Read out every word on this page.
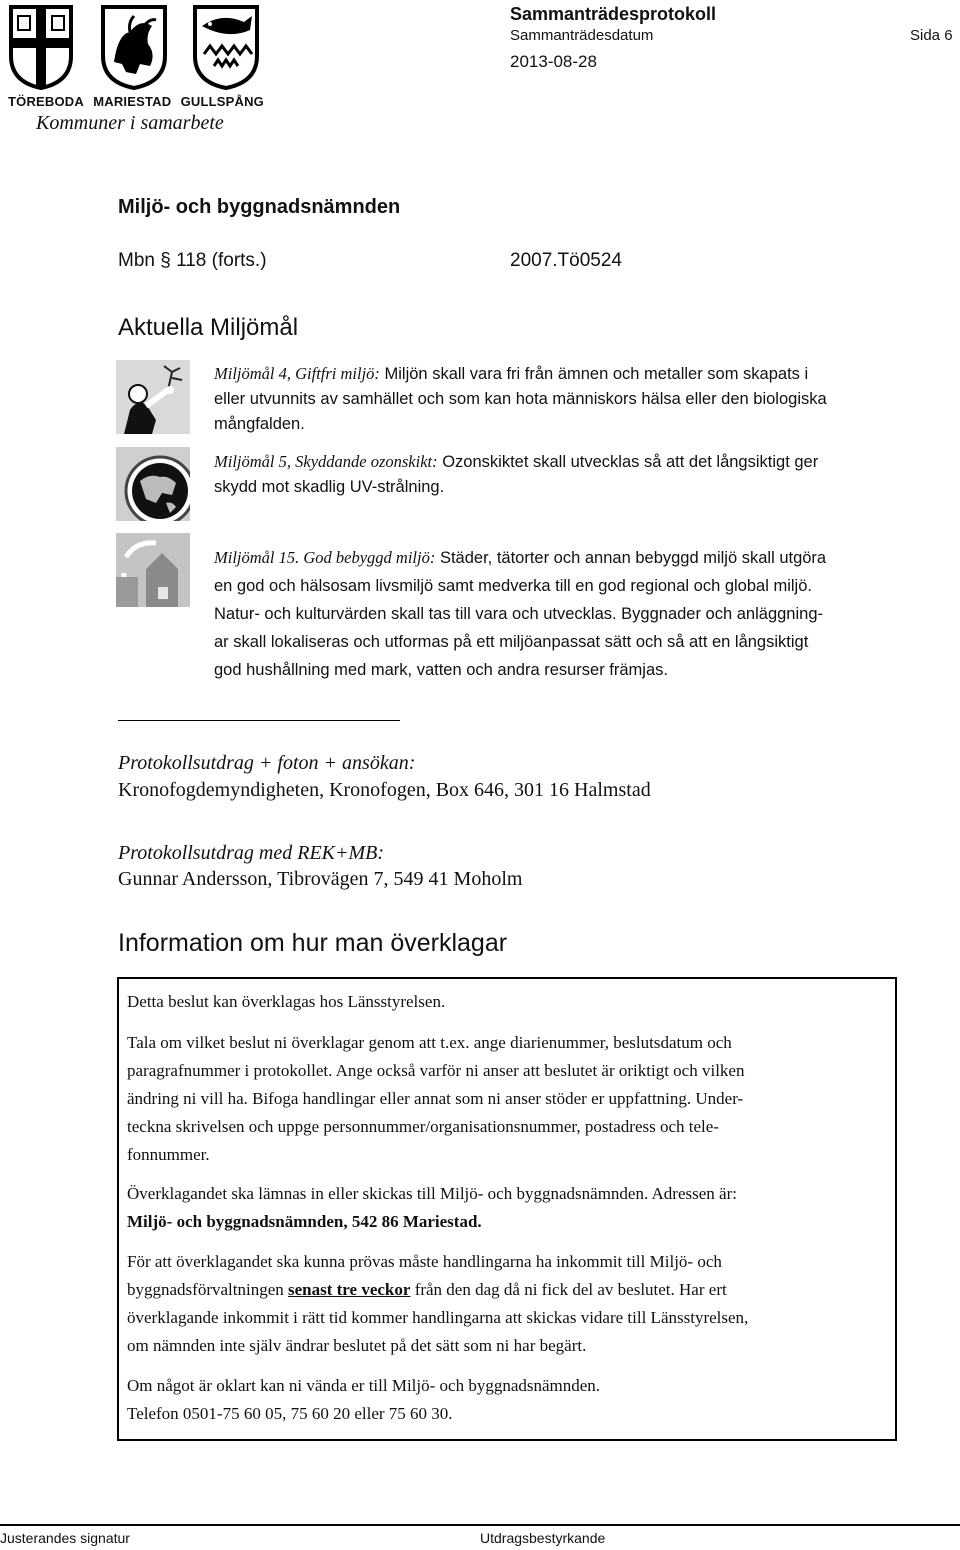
TÖREBODA MARIESTAD GULLSPÅNG
Kommuner i samarbete
Sammanträdesprotokoll
Sammanträdesdatum
2013-08-28
Sida 6
Miljö- och byggnadsnämnden
Mbn § 118 (forts.)	2007.Tö0524
Aktuella Miljömål
Miljömål 4, Giftfri miljö: Miljön skall vara fri från ämnen och metaller som skapats i
eller utvunnits av samhället och som kan hota människors hälsa eller den biologiska
mångfalden.
Miljömål 5, Skyddande ozonskikt: Ozonskiktet skall utvecklas så att det långsiktigt ger
skydd mot skadlig UV-strålning.
Miljömål 15. God bebyggd miljö: Städer, tätorter och annan bebyggd miljö skall utgöra
en god och hälsosam livsmiljö samt medverka till en god regional och global miljö.
Natur- och kulturvärden skall tas till vara och utvecklas. Byggnader och anläggning-
ar skall lokaliseras och utformas på ett miljöanpassat sätt och så att en långsiktigt
god hushållning med mark, vatten och andra resurser främjas.
Protokollsutdrag + foton + ansökan:
Kronofogdemyndigheten, Kronofogen, Box 646, 301 16 Halmstad
Protokollsutdrag med REK+MB:
Gunnar Andersson, Tibrovägen 7, 549 41 Moholm
Information om hur man överklagar

Detta beslut kan överklagas hos Länsstyrelsen.

Tala om vilket beslut ni överklagar genom att t.ex. ange diarienummer, beslutsdatum och
paragrafnummer i protokollet. Ange också varför ni anser att beslutet är oriktigt och vilken
ändring ni vill ha. Bifoga handlingar eller annat som ni anser stöder er uppfattning. Under-
teckna skrivelsen och uppge personnummer/organisationsnummer, postadress och tele-
fonnummer.
Överklagandet ska lämnas in eller skickas till Miljö- och byggnadsnämnden. Adressen är:
Miljö- och byggnadsnämnden, 542 86 Mariestad.
För att överklagandet ska kunna prövas måste handlingarna ha inkommit till Miljö- och
byggnadsförvaltningen senast tre veckor från den dag då ni fick del av beslutet. Har ert
överklagande inkommit i rätt tid kommer handlingarna att skickas vidare till Länsstyrelsen,
om nämnden inte själv ändrar beslutet på det sätt som ni har begärt.
Om något är oklart kan ni vända er till Miljö- och byggnadsnämnden.
Telefon 0501-75 60 05, 75 60 20 eller 75 60 30.
Justerandes signatur	Utdragsbestyrkande
